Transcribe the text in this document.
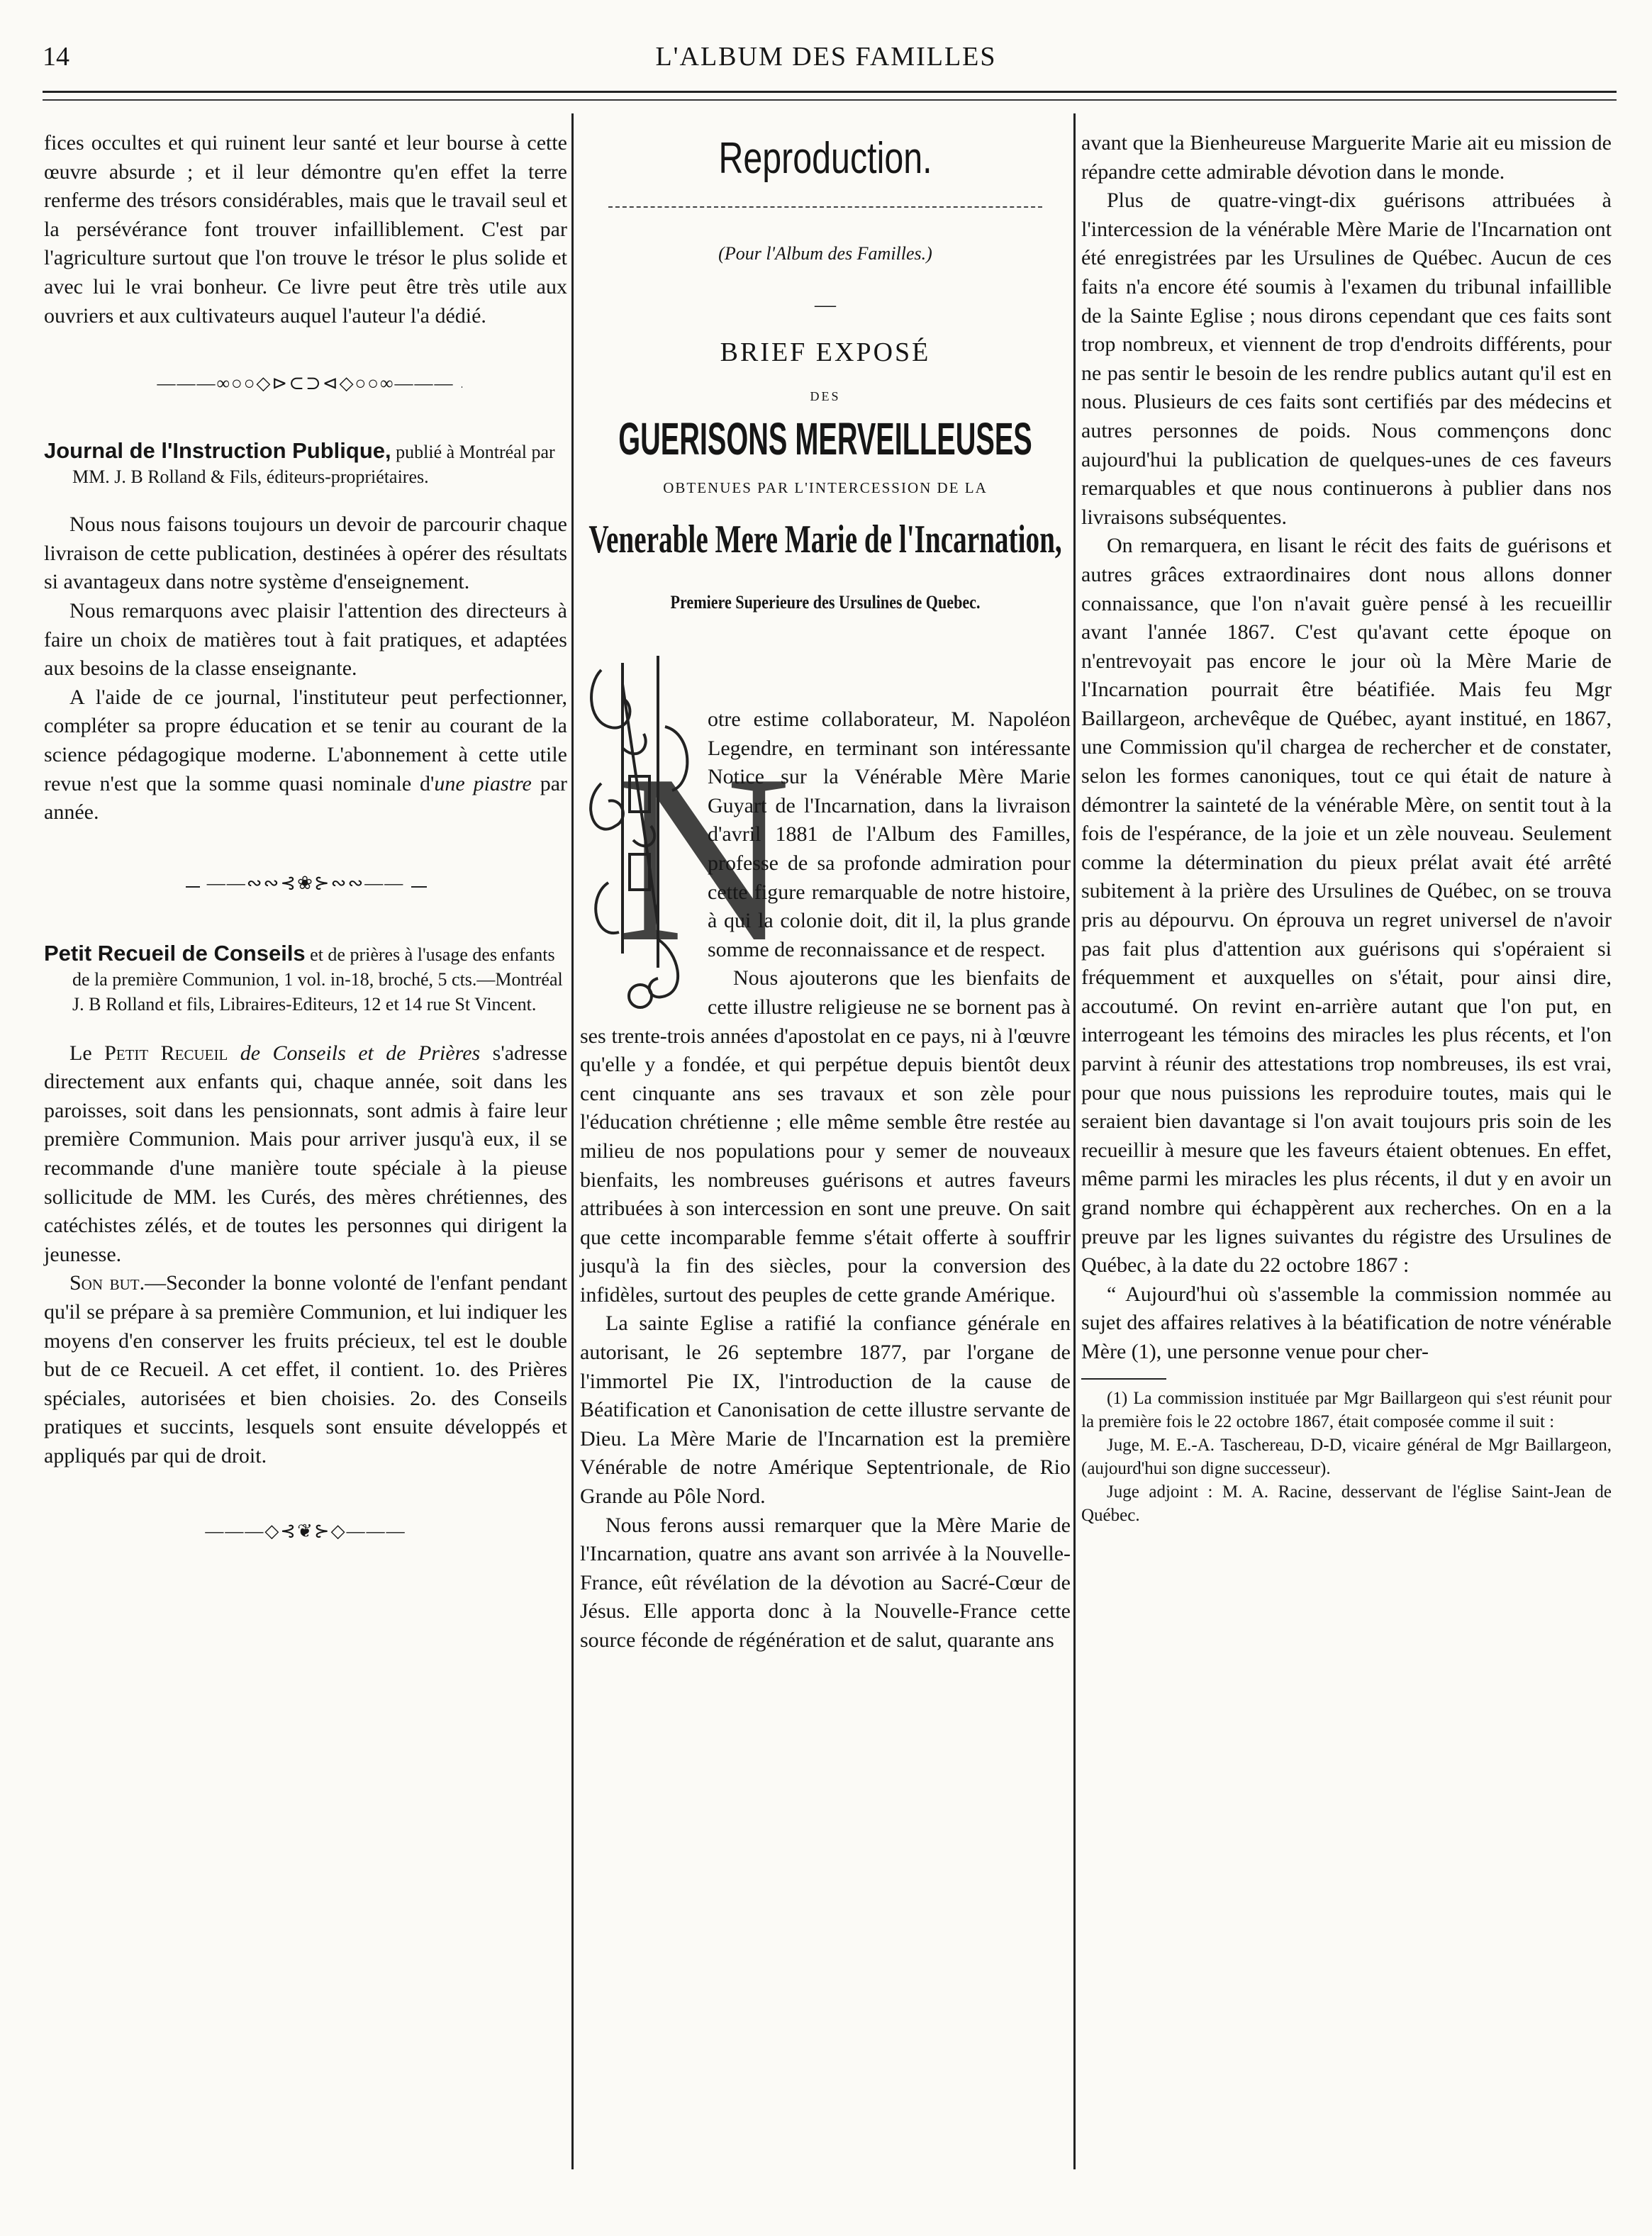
14	L'ALBUM DES FAMILLES

fices occultes et qui ruinent leur santé et leur bourse à cette œuvre absurde ; et il leur démontre qu'en effet la terre renferme des trésors considérables, mais que le travail seul et la persévérance font trouver infailliblement. C'est par l'agriculture surtout que l'on trouve le trésor le plus solide et avec lui le vrai bonheur. Ce livre peut être très utile aux ouvriers et aux cultivateurs auquel l'auteur l'a dédié.

———∞○○◇⊳⊂⊃⊲◇○○∞———
Journal de l'Instruction Publique, publié à Montréal par MM. J. B Rolland & Fils, éditeurs-propriétaires.

Nous nous faisons toujours un devoir de parcourir chaque livraison de cette publication, destinées à opérer des résultats si avantageux dans notre système d'enseignement.

Nous remarquons avec plaisir l'attention des directeurs à faire un choix de matières tout à fait pratiques, et adaptées aux besoins de la classe enseignante.

A l'aide de ce journal, l'instituteur peut perfectionner, compléter sa propre éducation et se tenir au courant de la science pédagogique moderne. L'abonnement à cette utile revue n'est que la somme quasi nominale d'une piastre par année.

——∾∾⊰❀⊱∾∾——
Petit Recueil de Conseils et de prières à l'usage des enfants de la première Communion, 1 vol. in-18, broché, 5 cts.—Montréal J. B Rolland et fils, Libraires-Editeurs, 12 et 14 rue St Vincent.

Le Petit Recueil de Conseils et de Prières s'adresse directement aux enfants qui, chaque année, soit dans les paroisses, soit dans les pensionnats, sont admis à faire leur première Communion. Mais pour arriver jusqu'à eux, il se recommande d'une manière toute spéciale à la pieuse sollicitude de MM. les Curés, des mères chrétiennes, des catéchistes zélés, et de toutes les personnes qui dirigent la jeunesse.

Son but.—Seconder la bonne volonté de l'enfant pendant qu'il se prépare à sa première Communion, et lui indiquer les moyens d'en conserver les fruits précieux, tel est le double but de ce Recueil. A cet effet, il contient. 1o. des Prières spéciales, autorisées et bien choisies. 2o. des Conseils pratiques et succints, lesquels sont ensuite développés et appliqués par qui de droit.

———◇⊰❦⊱◇———
Reproduction.
(Pour l'Album des Familles.)
—
BRIEF EXPOSÉ
DES
GUERISONS MERVEILLEUSES
OBTENUES PAR L'INTERCESSION DE LA
Venerable Mere Marie de l'Incarnation,
Premiere Superieure des Ursulines de Quebec.
N

otre estime collaborateur, M. Napoléon Legendre, en terminant son intéressante Notice sur la Vénérable Mère Marie Guyart de l'Incarnation, dans la livraison d'avril 1881 de l'Album des Familles, professe de sa profonde admiration pour cette figure remarquable de notre histoire, à qui la colonie doit, dit il, la plus grande somme de reconnaissance et de respect.

Nous ajouterons que les bienfaits de cette illustre religieuse ne se bornent pas à ses trente-trois années d'apostolat en ce pays, ni à l'œuvre qu'elle y a fondée, et qui perpétue depuis bientôt deux cent cinquante ans ses travaux et son zèle pour l'éducation chrétienne ; elle même semble être restée au milieu de nos populations pour y semer de nouveaux bienfaits, les nombreuses guérisons et autres faveurs attribuées à son intercession en sont une preuve. On sait que cette incomparable femme s'était offerte à souffrir jusqu'à la fin des siècles, pour la conversion des infidèles, surtout des peuples de cette grande Amérique.

La sainte Eglise a ratifié la confiance générale en autorisant, le 26 septembre 1877, par l'organe de l'immortel Pie IX, l'introduction de la cause de Béatification et Canonisation de cette illustre servante de Dieu. La Mère Marie de l'Incarnation est la première Vénérable de notre Amérique Septentrionale, de Rio Grande au Pôle Nord.

Nous ferons aussi remarquer que la Mère Marie de l'Incarnation, quatre ans avant son arrivée à la Nouvelle-France, eût révélation de la dévotion au Sacré-Cœur de Jésus. Elle apporta donc à la Nouvelle-France cette source féconde de régénération et de salut, quarante ans

avant que la Bienheureuse Marguerite Marie ait eu mission de répandre cette admirable dévotion dans le monde.

Plus de quatre-vingt-dix guérisons attribuées à l'intercession de la vénérable Mère Marie de l'Incarnation ont été enregistrées par les Ursulines de Québec. Aucun de ces faits n'a encore été soumis à l'examen du tribunal infaillible de la Sainte Eglise ; nous dirons cependant que ces faits sont trop nombreux, et viennent de trop d'endroits différents, pour ne pas sentir le besoin de les rendre publics autant qu'il est en nous. Plusieurs de ces faits sont certifiés par des médecins et autres personnes de poids. Nous commençons donc aujourd'hui la publication de quelques-unes de ces faveurs remarquables et que nous continuerons à publier dans nos livraisons subséquentes.

On remarquera, en lisant le récit des faits de guérisons et autres grâces extraordinaires dont nous allons donner connaissance, que l'on n'avait guère pensé à les recueillir avant l'année 1867. C'est qu'avant cette époque on n'entrevoyait pas encore le jour où la Mère Marie de l'Incarnation pourrait être béatifiée. Mais feu Mgr Baillargeon, archevêque de Québec, ayant institué, en 1867, une Commission qu'il chargea de rechercher et de constater, selon les formes canoniques, tout ce qui était de nature à démontrer la sainteté de la vénérable Mère, on sentit tout à la fois de l'espérance, de la joie et un zèle nouveau. Seulement comme la détermination du pieux prélat avait été arrêté subitement à la prière des Ursulines de Québec, on se trouva pris au dépourvu. On éprouva un regret universel de n'avoir pas fait plus d'attention aux guérisons qui s'opéraient si fréquemment et auxquelles on s'était, pour ainsi dire, accoutumé. On revint en-arrière autant que l'on put, en interrogeant les témoins des miracles les plus récents, et l'on parvint à réunir des attestations trop nombreuses, ils est vrai, pour que nous puissions les reproduire toutes, mais qui le seraient bien davantage si l'on avait toujours pris soin de les recueillir à mesure que les faveurs étaient obtenues. En effet, même parmi les miracles les plus récents, il dut y en avoir un grand nombre qui échappèrent aux recherches. On en a la preuve par les lignes suivantes du régistre des Ursulines de Québec, à la date du 22 octobre 1867 :

“ Aujourd'hui où s'assemble la commission nommée au sujet des affaires relatives à la béatification de notre vénérable Mère (1), une personne venue pour cher-

(1) La commission instituée par Mgr Baillargeon qui s'est réunit pour la première fois le 22 octobre 1867, était composée comme il suit :

Juge, M. E.-A. Taschereau, D-D, vicaire général de Mgr Baillargeon, (aujourd'hui son digne successeur).

Juge adjoint : M. A. Racine, desservant de l'église Saint-Jean de Québec.
